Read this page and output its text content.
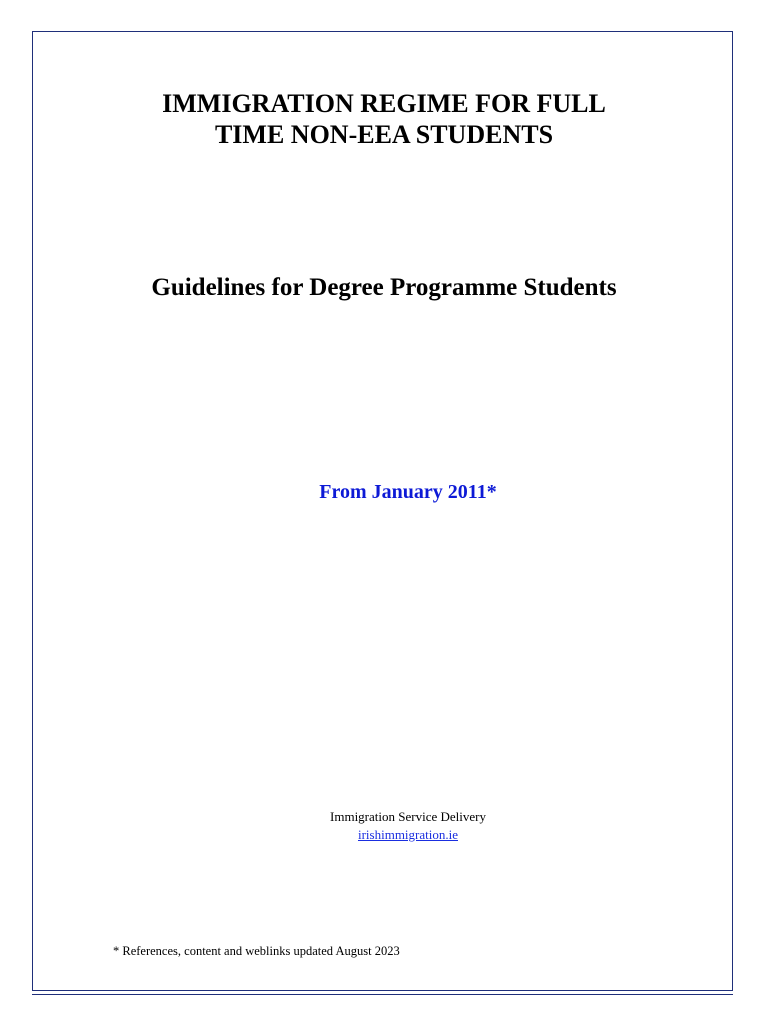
IMMIGRATION REGIME FOR FULL
TIME NON-EEA STUDENTS
Guidelines for Degree Programme Students
From January 2011*
Immigration Service Delivery
irishimmigration.ie
* References, content and weblinks updated August 2023
